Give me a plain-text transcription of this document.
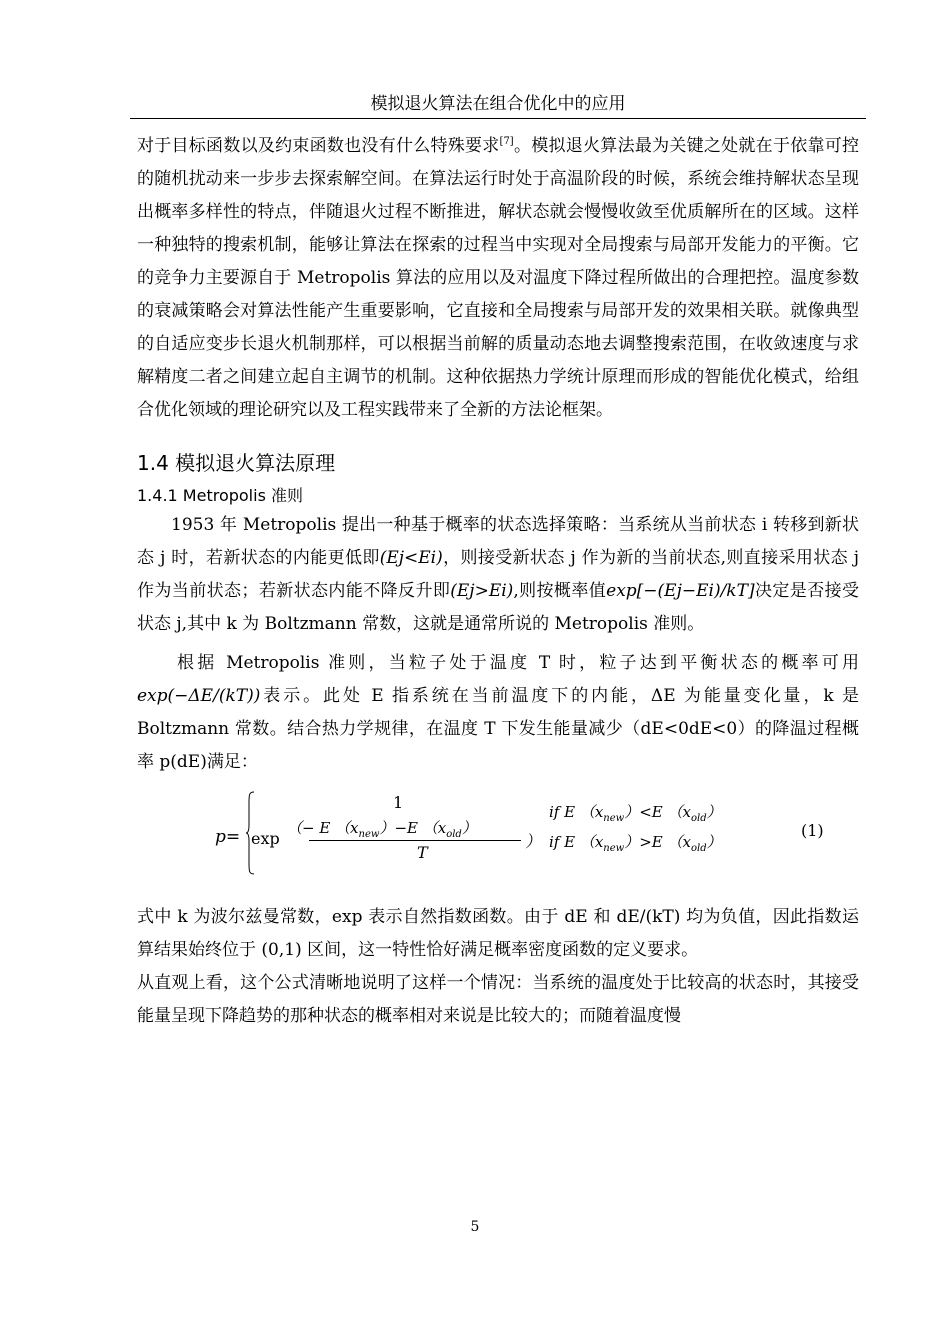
模拟退火算法在组合优化中的应用

对于目标函数以及约束函数也没有什么特殊要求[7]。模拟退火算法最为关键之处就在于依靠可控的随机扰动来一步步去探索解空间。在算法运行时处于高温阶段的时候，系统会维持解状态呈现出概率多样性的特点，伴随退火过程不断推进，解状态就会慢慢收敛至优质解所在的区域。这样一种独特的搜索机制，能够让算法在探索的过程当中实现对全局搜索与局部开发能力的平衡。它的竞争力主要源自于 Metropolis 算法的应用以及对温度下降过程所做出的合理把控。温度参数的衰减策略会对算法性能产生重要影响，它直接和全局搜索与局部开发的效果相关联。就像典型的自适应变步长退火机制那样，可以根据当前解的质量动态地去调整搜索范围，在收敛速度与求解精度二者之间建立起自主调节的机制。这种依据热力学统计原理而形成的智能优化模式，给组合优化领域的理论研究以及工程实践带来了全新的方法论框架。

1.4 模拟退火算法原理
1.4.1 Metropolis 准则

1953 年 Metropolis 提出一种基于概率的状态选择策略：当系统从当前状态 i 转移到新状态 j 时，若新状态的内能更低即(Ej<Ei)，则接受新状态 j 作为新的当前状态,则直接采用状态 j 作为当前状态；若新状态内能不降反升即(Ej>Ei),则按概率值exp[−(Ej−Ei)/kT]决定是否接受状态 j,其中 k 为 Boltzmann 常数，这就是通常所说的 Metropolis 准则。

根据 Metropolis 准则，当粒子处于温度 T 时，粒子达到平衡状态的概率可用exp(−ΔE/(kT))表示。此处 E 指系统在当前温度下的内能，ΔE 为能量变化量，k 是 Boltzmann 常数。结合热力学规律，在温度 T 下发生能量减少（dE<0dE<0）的降温过程概率 p(dE)满足：

p=
1
exp
（− E $(x_{new})-E$ $(x_{old})$
T
）
if E $(x_{new})<E$ $(x_{old})$
if E $(x_{new})>E$ $(x_{old})$
(1)

式中 k 为波尔兹曼常数，exp 表示自然指数函数。由于 dE 和 dE/(kT) 均为负值，因此指数运算结果始终位于 (0,1) 区间，这一特性恰好满足概率密度函数的定义要求。

从直观上看，这个公式清晰地说明了这样一个情况：当系统的温度处于比较高的状态时，其接受能量呈现下降趋势的那种状态的概率相对来说是比较大的；而随着温度慢

5
